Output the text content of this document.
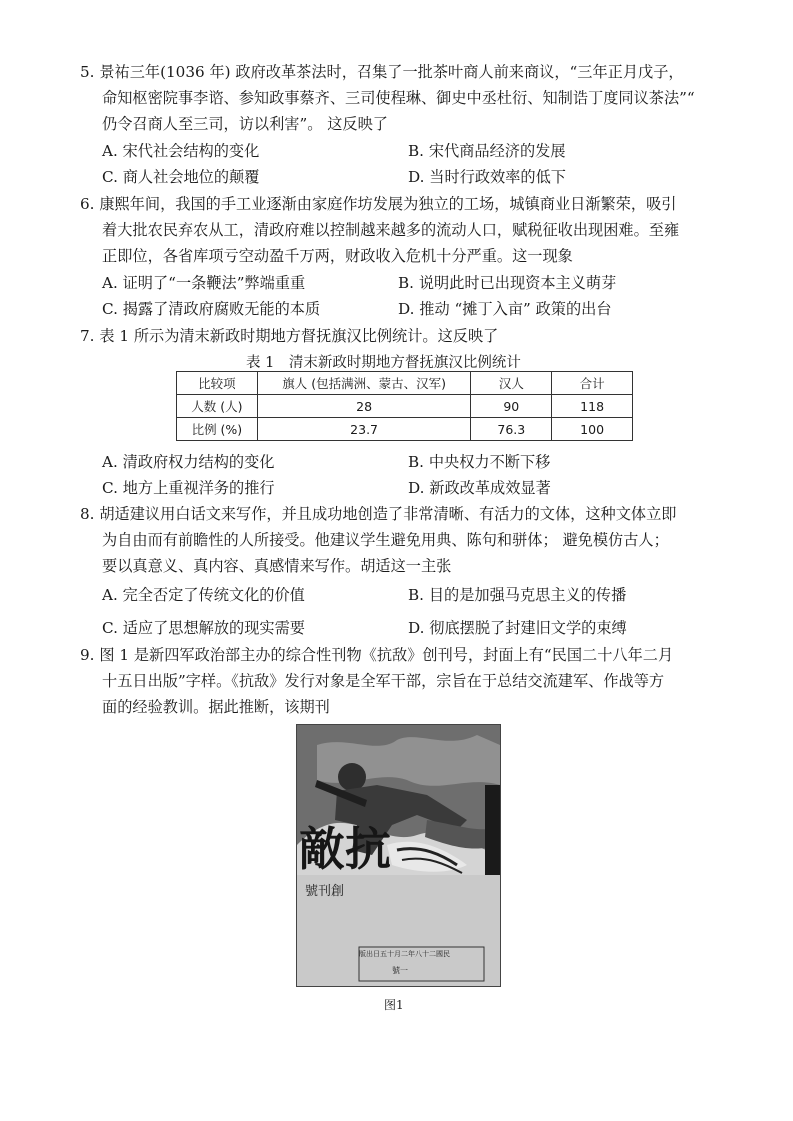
5. 景祐三年(1036 年) 政府改革茶法时，召集了一批茶叶商人前来商议，“三年正月戊子，
命知枢密院事李谘、参知政事蔡齐、三司使程琳、御史中丞杜衍、知制诰丁度同议茶法”“
仍令召商人至三司，访以利害”。 这反映了
A. 宋代社会结构的变化	B. 宋代商品经济的发展
C. 商人社会地位的颠覆	D. 当时行政效率的低下
6. 康熙年间，我国的手工业逐渐由家庭作坊发展为独立的工场，城镇商业日渐繁荣，吸引
着大批农民弃农从工，清政府难以控制越来越多的流动人口，赋税征收出现困难。至雍
正即位，各省库项亏空动盈千万两，财政收入危机十分严重。这一现象
A. 证明了“一条鞭法”弊端重重	B. 说明此时已出现资本主义萌芽
C. 揭露了清政府腐败无能的本质	D. 推动 “摊丁入亩” 政策的出台
7. 表 1 所示为清末新政时期地方督抚旗汉比例统计。这反映了
表 1　清末新政时期地方督抚旗汉比例统计
比较项	旗人 (包括满洲、蒙古、汉军)	汉人	合计
人数 (人)	28	90	118
比例 (%)	23.7	76.3	100
A. 清政府权力结构的变化	B. 中央权力不断下移
C. 地方上重视洋务的推行	D. 新政改革成效显著
8. 胡适建议用白话文来写作，并且成功地创造了非常清晰、有活力的文体，这种文体立即
为自由而有前瞻性的人所接受。他建议学生避免用典、陈句和骈体； 避免模仿古人；
要以真意义、真内容、真感情来写作。胡适这一主张
A. 完全否定了传统文化的价值	B. 目的是加强马克思主义的传播
C. 适应了思想解放的现实需要	D. 彻底摆脱了封建旧文学的束缚
9. 图 1 是新四军政治部主办的综合性刊物《抗敌》创刊号，封面上有“民国二十八年二月
十五日出版”字样。《抗敌》发行对象是全军干部，宗旨在于总结交流建军、作战等方
面的经验教训。据此推断，该期刊
版出日五十月二年八十二國民
號一
敵抗
號刊創
图1
